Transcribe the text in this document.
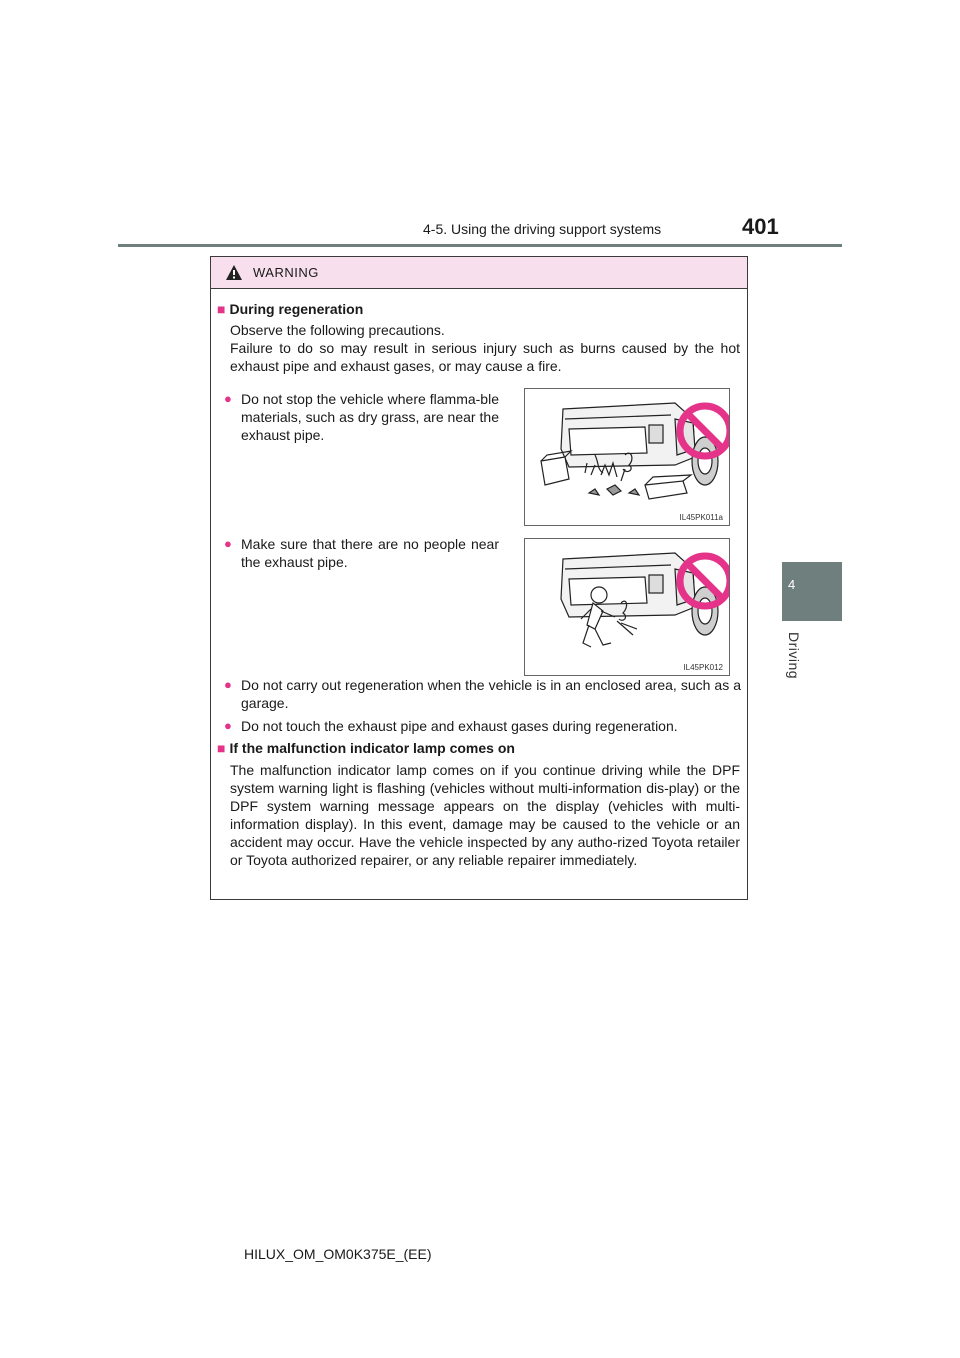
4-5. Using the driving support systems	401
4
Driving
WARNING
■ During regeneration
Observe the following precautions.
Failure to do so may result in serious injury such as burns caused by the hot exhaust pipe and exhaust gases, or may cause a fire.
● Do not stop the vehicle where flamma-ble materials, such as dry grass, are near the exhaust pipe.
IL45PK011a
● Make sure that there are no people near the exhaust pipe.
IL45PK012
● Do not carry out regeneration when the vehicle is in an enclosed area, such as a garage.
● Do not touch the exhaust pipe and exhaust gases during regeneration.
■ If the malfunction indicator lamp comes on
The malfunction indicator lamp comes on if you continue driving while the DPF system warning light is flashing (vehicles without multi-information dis-play) or the DPF system warning message appears on the display (vehicles with multi-information display). In this event, damage may be caused to the vehicle or an accident may occur. Have the vehicle inspected by any autho-rized Toyota retailer or Toyota authorized repairer, or any reliable repairer immediately.
HILUX_OM_OM0K375E_(EE)
